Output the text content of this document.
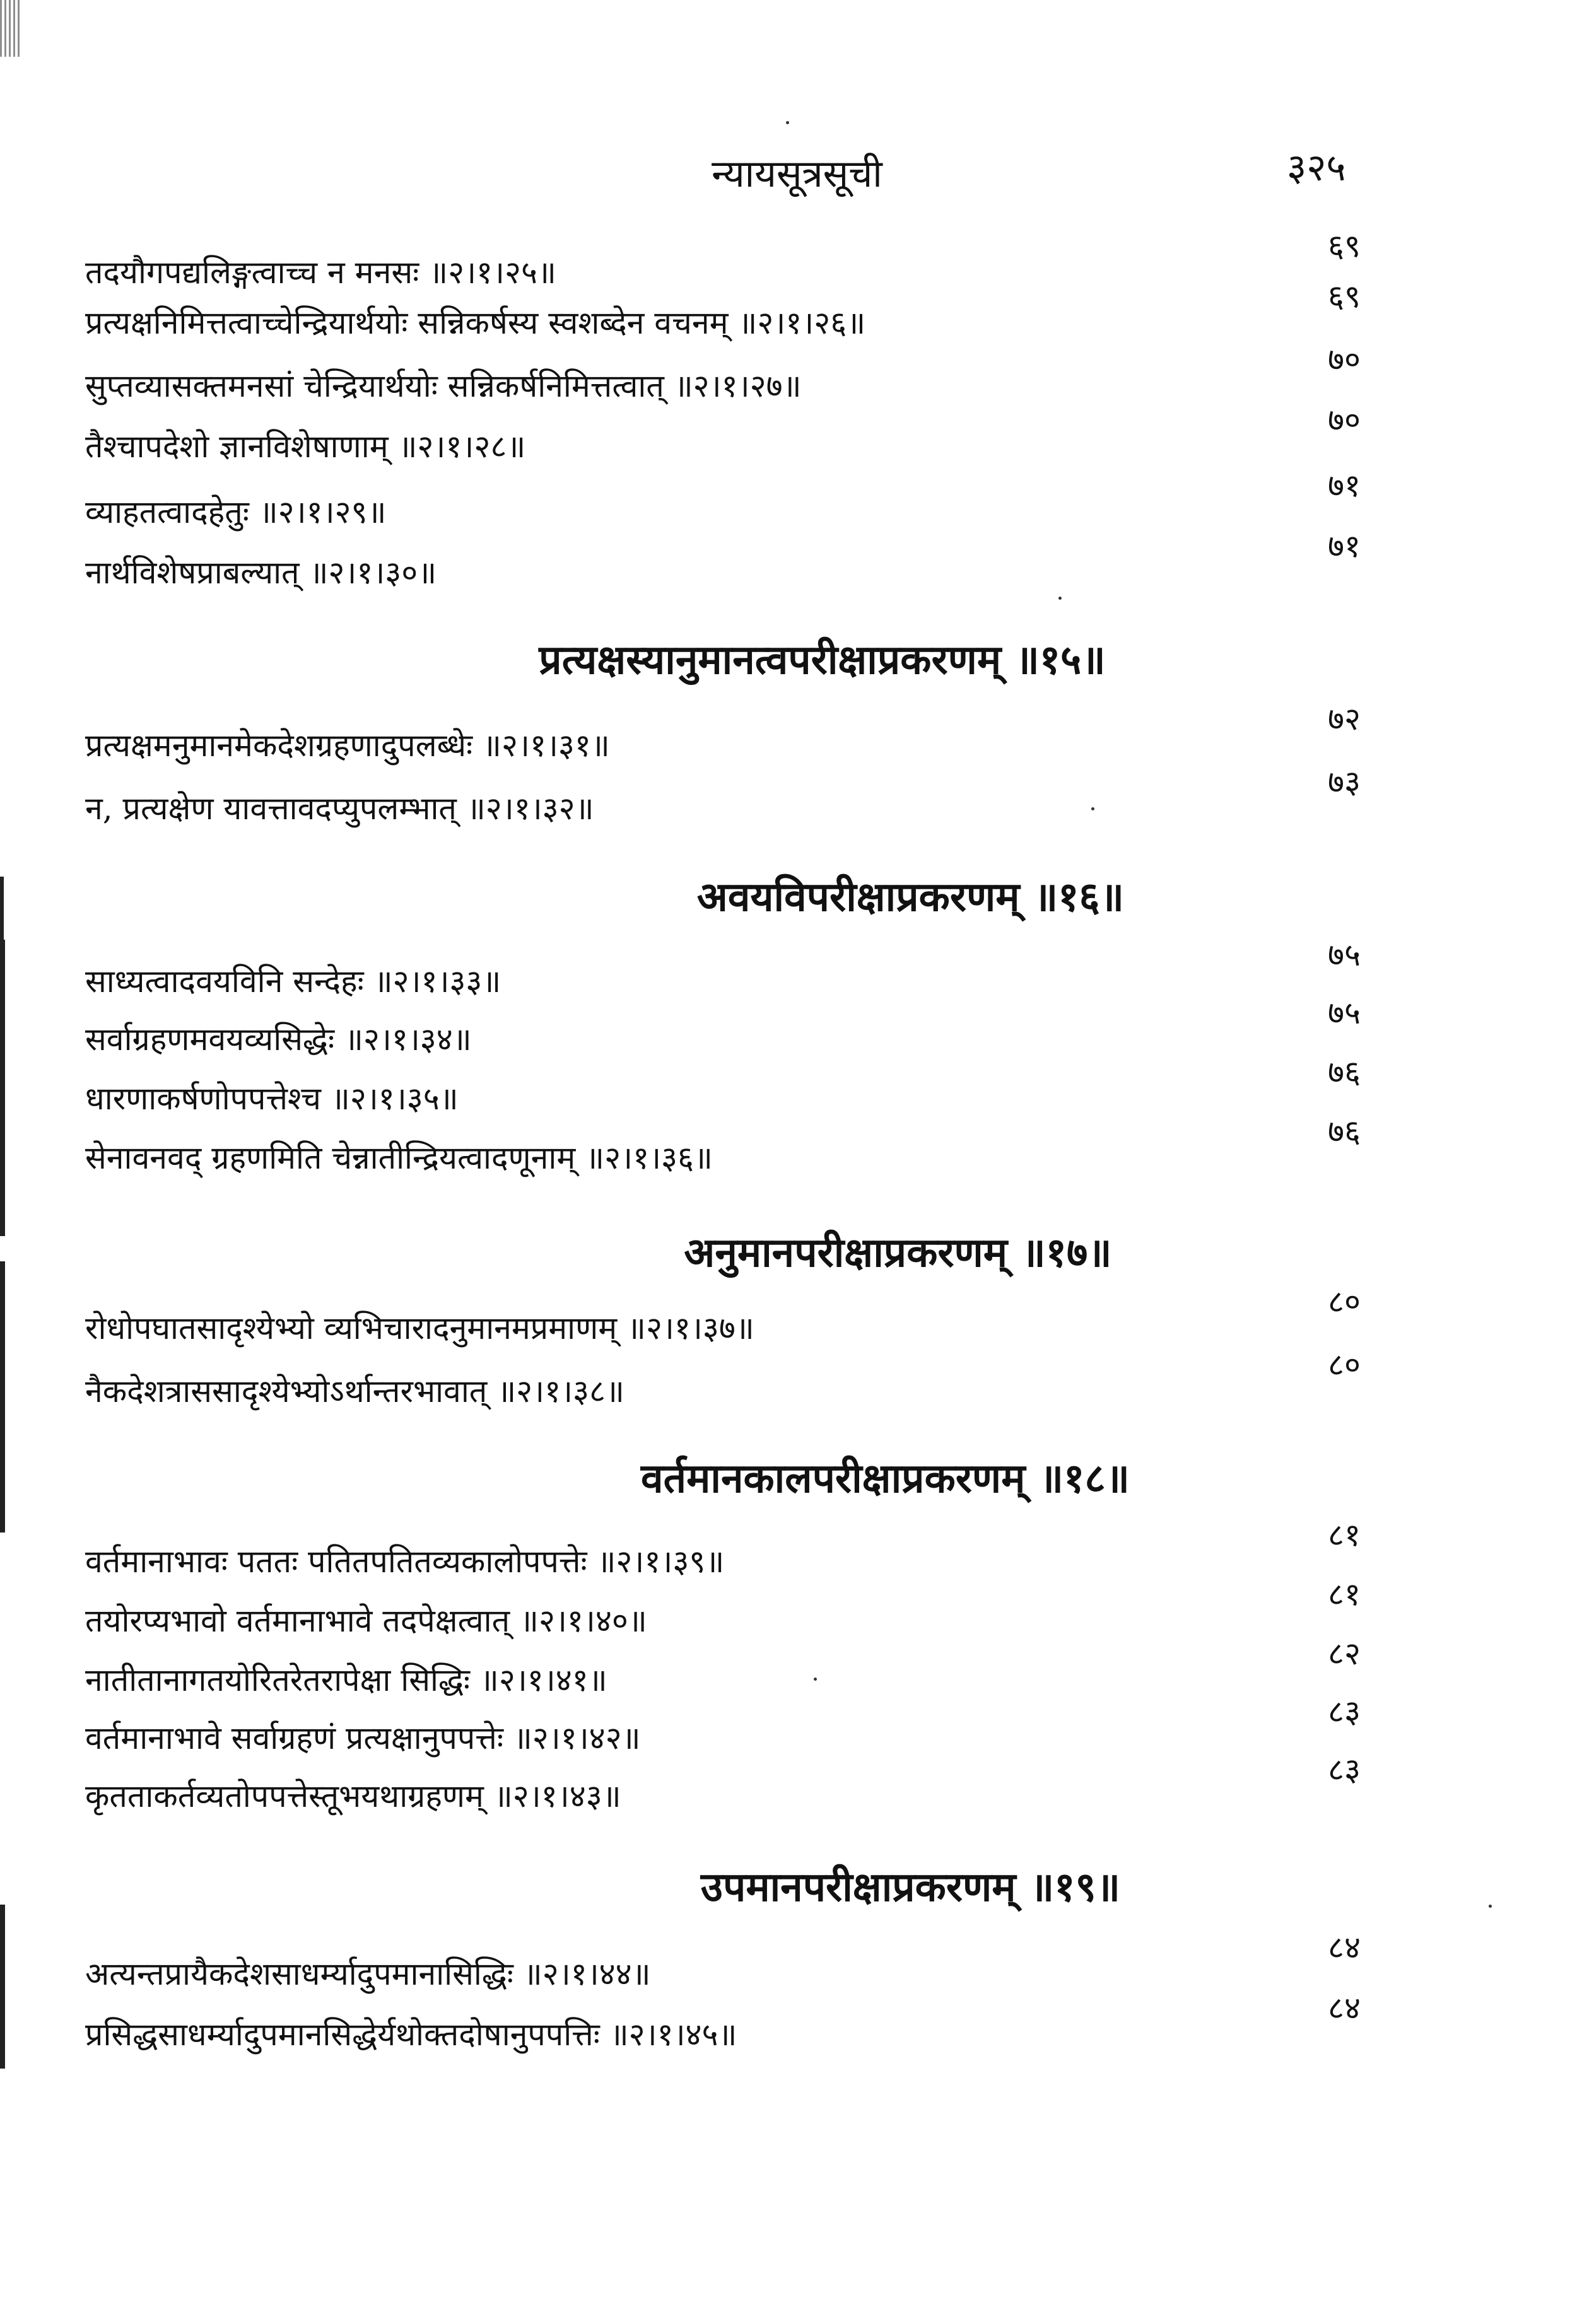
न्यायसूत्रसूची	३२५
तदयौगपद्यलिङ्गत्वाच्च न मनसः ॥२।१।२५॥
६९
प्रत्यक्षनिमित्तत्वाच्चेन्द्रियार्थयोः सन्निकर्षस्य स्वशब्देन वचनम् ॥२।१।२६॥
६९
सुप्तव्यासक्तमनसां चेन्द्रियार्थयोः सन्निकर्षनिमित्तत्वात् ॥२।१।२७॥
७०
तैश्चापदेशो ज्ञानविशेषाणाम् ॥२।१।२८॥
७०
व्याहतत्वादहेतुः ॥२।१।२९॥
७१
नार्थविशेषप्राबल्यात् ॥२।१।३०॥
७१
प्रत्यक्षस्यानुमानत्वपरीक्षाप्रकरणम् ॥१५॥
प्रत्यक्षमनुमानमेकदेशग्रहणादुपलब्धेः ॥२।१।३१॥
७२
न, प्रत्यक्षेण यावत्तावदप्युपलम्भात् ॥२।१।३२॥
७३
अवयविपरीक्षाप्रकरणम् ॥१६॥
साध्यत्वादवयविनि सन्देहः ॥२।१।३३॥
७५
सर्वाग्रहणमवयव्यसिद्धेः ॥२।१।३४॥
७५
धारणाकर्षणोपपत्तेश्च ॥२।१।३५॥
७६
सेनावनवद् ग्रहणमिति चेन्नातीन्द्रियत्वादणूनाम् ॥२।१।३६॥
७६
अनुमानपरीक्षाप्रकरणम् ॥१७॥
रोधोपघातसादृश्येभ्यो व्यभिचारादनुमानमप्रमाणम् ॥२।१।३७॥
८०
नैकदेशत्राससादृश्येभ्योऽर्थान्तरभावात् ॥२।१।३८॥
८०
वर्तमानकालपरीक्षाप्रकरणम् ॥१८॥
वर्तमानाभावः पततः पतितपतितव्यकालोपपत्तेः ॥२।१।३९॥
८१
तयोरप्यभावो वर्तमानाभावे तदपेक्षत्वात् ॥२।१।४०॥
८१
नातीतानागतयोरितरेतरापेक्षा सिद्धिः ॥२।१।४१॥
८२
वर्तमानाभावे सर्वाग्रहणं प्रत्यक्षानुपपत्तेः ॥२।१।४२॥
८३
कृतताकर्तव्यतोपपत्तेस्तूभयथाग्रहणम् ॥२।१।४३॥
८३
उपमानपरीक्षाप्रकरणम् ॥१९॥
अत्यन्तप्रायैकदेशसाधर्म्यादुपमानासिद्धिः ॥२।१।४४॥
८४
प्रसिद्धसाधर्म्यादुपमानसिद्धेर्यथोक्तदोषानुपपत्तिः ॥२।१।४५॥
८४
